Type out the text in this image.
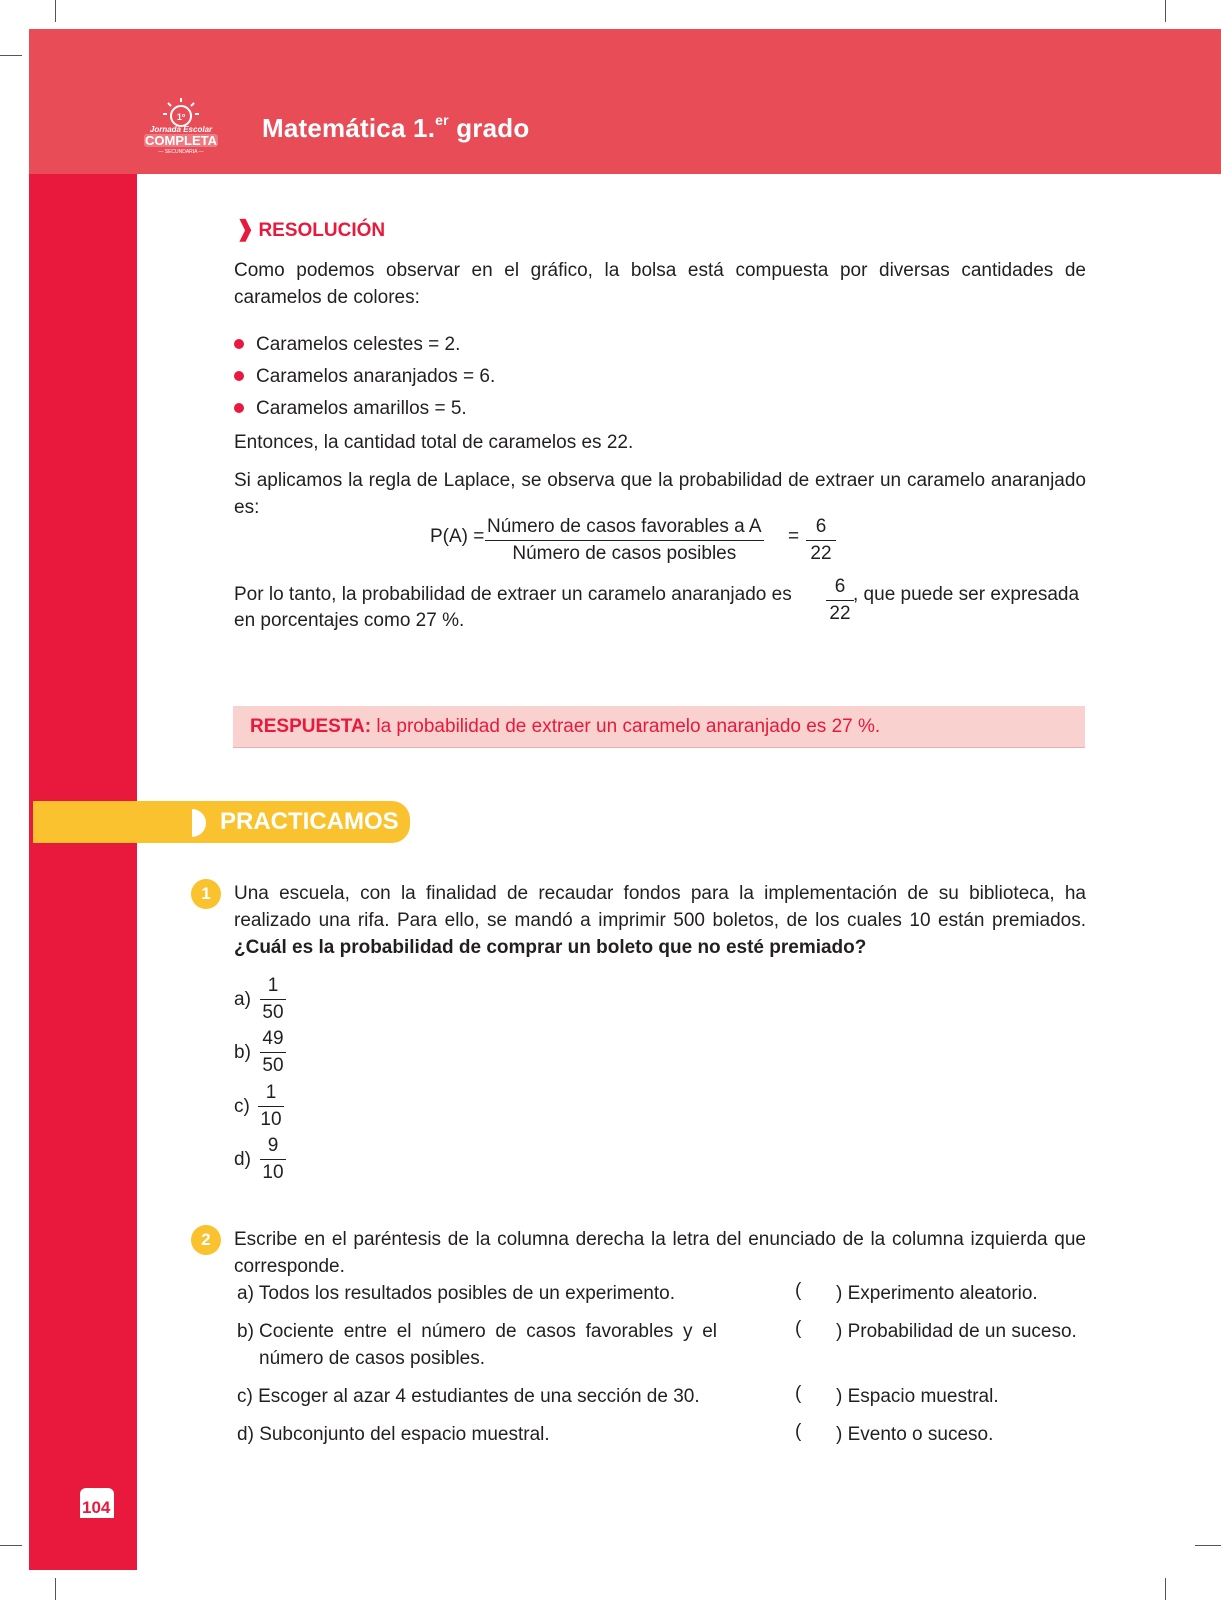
104
1º
Jornada Escolar
COMPLETA
— SECUNDARIA —
Matemática 1.$^{er}$ grado
❱ RESOLUCIÓN
Como podemos observar en el gráfico, la bolsa está compuesta por diversas cantidades de caramelos de colores:
Caramelos celestes = 2.
Caramelos anaranjados = 6.
Caramelos amarillos = 5.
Entonces, la cantidad total de caramelos es 22.
Si aplicamos la regla de Laplace, se observa que la probabilidad de extraer un caramelo anaranjado es:
P(A) = Número de casos favorables a A
Número de casos posibles
= $\frac{6}{22}$
Por lo tanto, la probabilidad de extraer un caramelo anaranjado es $\frac{6}{22}$ , que puede ser expresada
en porcentajes como 27 %.
RESPUESTA: la probabilidad de extraer un caramelo anaranjado es 27 %.
PRACTICAMOS
1	Una escuela, con la finalidad de recaudar fondos para la implementación de su biblioteca, ha realizado una rifa. Para ello, se mandó a imprimir 500 boletos, de los cuales 10 están premiados. ¿Cuál es la probabilidad de comprar un boleto que no esté premiado?
$a) \frac{1}{50}$
$b) \frac{49}{50}$
$c) \frac{1}{10}$
$d) \frac{9}{10}$
2	Escribe en el paréntesis de la columna derecha la letra del enunciado de la columna izquierda que corresponde.
a) Todos los resultados posibles de un experimento.
b) Cociente entre el número de casos favorables y el número de casos posibles.
c) Escoger al azar 4 estudiantes de una sección de 30.
d) Subconjunto del espacio muestral.
( ) Experimento aleatorio.
( ) Probabilidad de un suceso.
( ) Espacio muestral.
( ) Evento o suceso.
